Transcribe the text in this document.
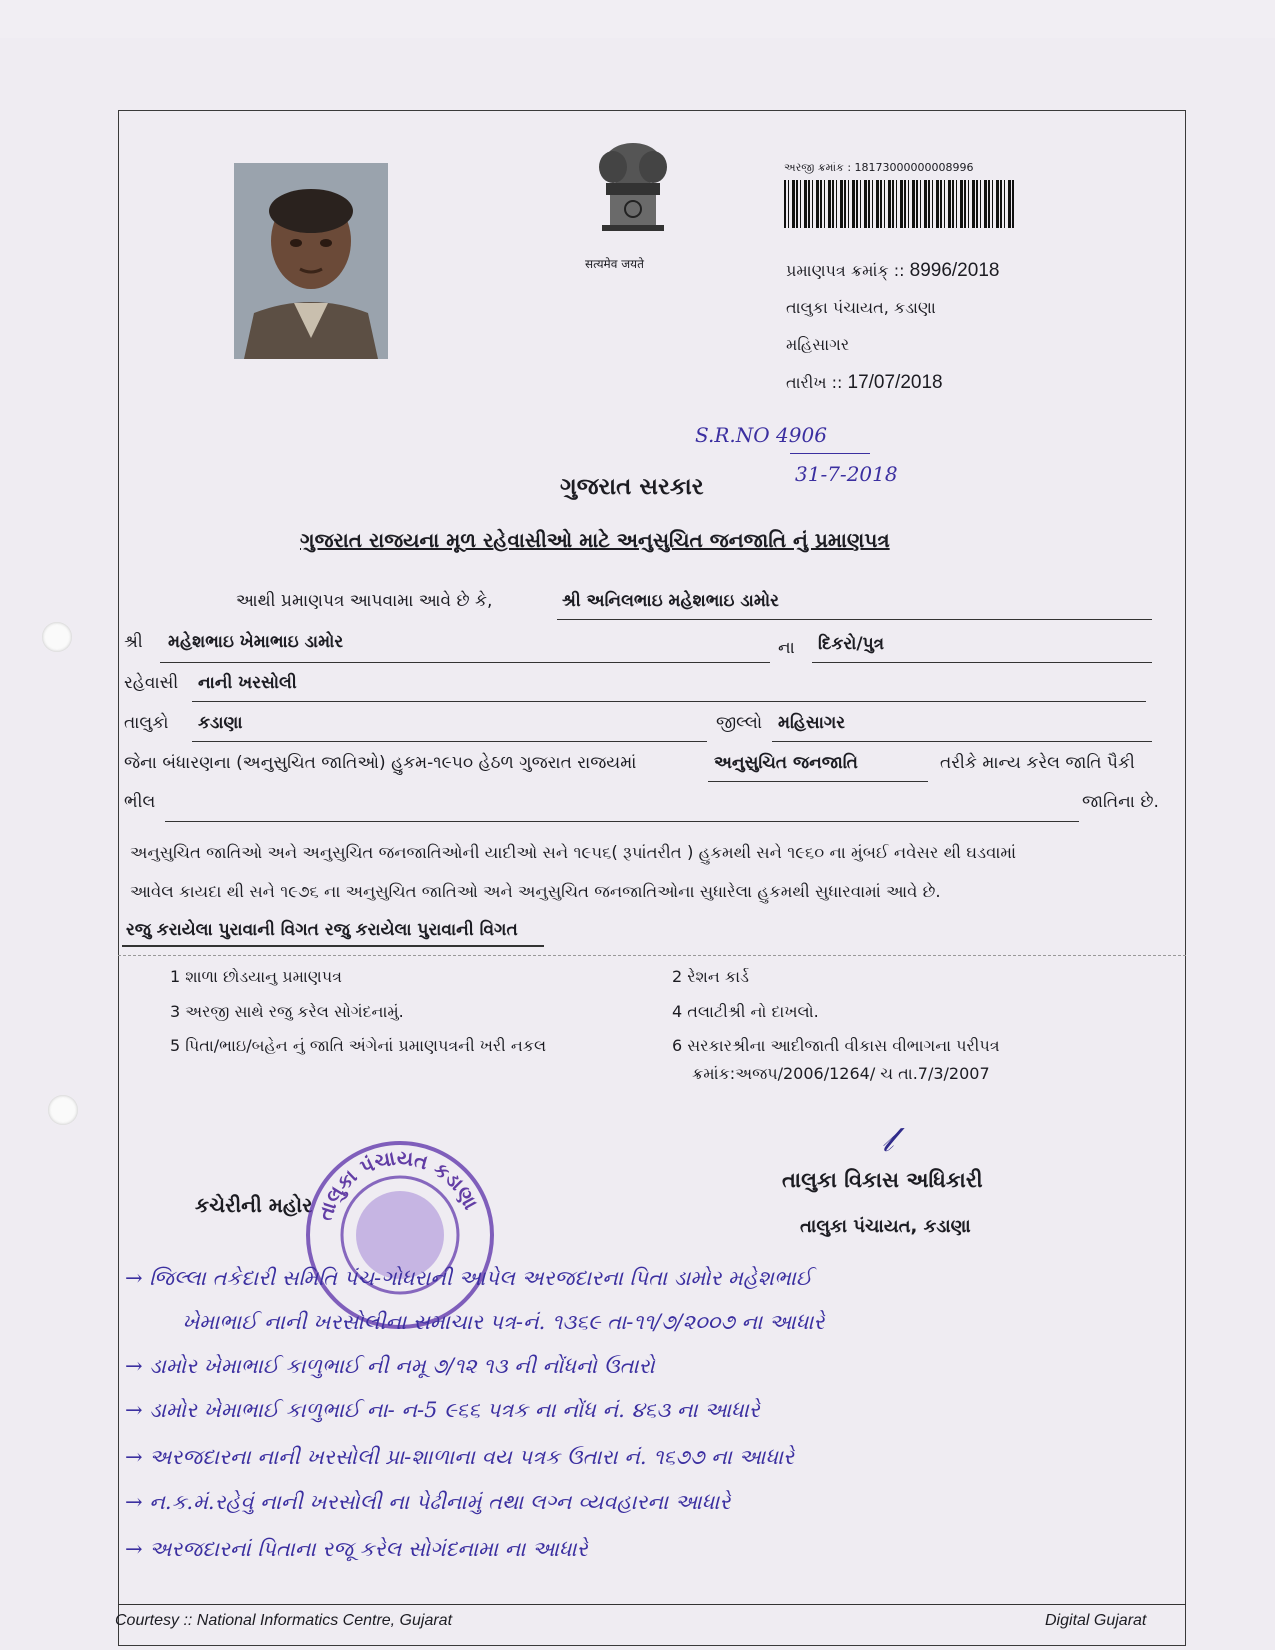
सत्यमेव जयते
અરજી ક્રમાંક : 18173000000008996
પ્રમાણપત્ર ક્રમાંક્ :: 8996/2018
તાલુકા પંચાયત, કડાણા
મહિસાગર
તારીખ :: 17/07/2018
S.R.NO 4906
31-7-2018
ગુજરાત સરકાર
ગુજરાત રાજયના મૂળ રહેવાસીઓ માટે અનુસુચિત જનજાતિ નું પ્રમાણપત્ર
આથી પ્રમાણપત્ર આપવામા આવે છે કે,	શ્રી અનિલભાઇ મહેશભાઇ ડામોર
શ્રી મહેશભાઇ ખેમાભાઇ ડામોર	ના દિકરો/પુત્ર
રહેવાસી નાની ખરસોલી
તાલુકો કડાણા	જીલ્લો મહિસાગર
જેના બંધારણના (અનુસુચિત જાતિઓ) હુકમ-૧૯૫૦ હેઠળ ગુજરાત રાજયમાં	અનુસુચિત જનજાતિ	તરીકે માન્ય કરેલ જાતિ પૈકી
ભીલ	જાતિના છે.
અનુસુચિત જાતિઓ અને અનુસુચિત જનજાતિઓની યાદીઓ સને ૧૯૫૬( રૂપાંતરીત ) હુકમથી સને ૧૯૬૦ ના મુંબઈ નવેસર થી ઘડવામાં
આવેલ કાયદા થી સને ૧૯૭૬ ના અનુસુચિત જાતિઓ અને અનુસુચિત જનજાતિઓના સુધારેલા હુકમથી સુધારવામાં આવે છે.
રજુ કરાયેલા પુરાવાની વિગત રજુ કરાયેલા પુરાવાની વિગત
1 શાળા છોડયાનુ પ્રમાણપત્ર	2 રેશન કાર્ડ
3 અરજી સાથે રજુ કરેલ સોગંદનામું.	4 તલાટીશ્રી નો દાખલો.
5 પિતા/ભાઇ/બહેન નું જાતિ અંગેનાં પ્રમાણપત્રની ખરી નકલ	6 સરકારશ્રીના આદીજાતી વીકાસ વીભાગના પરીપત્ર
ક્રમાંક:અજપ/2006/1264/ ચ તા.7/3/2007
કચેરીની મહોર તાલુકા પંચાયત કડાણા
𝓁
તાલુકા વિકાસ અધિકારી
તાલુકા પંચાયત, કડાણા
→ જિલ્લા તકેદારી સમિતિ પંચ-ગોધરાની આપેલ અરજદારના પિતા ડામોર મહેશભાઈ
ખેમાભાઈ નાની ખરસોલીના સમાચાર પત્ર-નં. ૧૩૬૯ તા-૧૧/૭/૨૦૦૭ ના આધારે
→ ડામોર ખેમાભાઈ કાળુભાઈ ની નમૂ ૭/૧૨ ૧૩ ની નોંધનો ઉતારો
→ ડામોર ખેમાભાઈ કાળુભાઈ ના- ન-5 ૯૬૬ પત્રક ના નોંધ નં. ૪૬૩ ના આધારે
→ અરજદારના નાની ખરસોલી પ્રા-શાળાના વય પત્રક ઉતારા નં. ૧૬૭૭ ના આધારે
→ ન.ક.મં.રહેવું નાની ખરસોલી ના પેઢીનામું તથા લગ્ન વ્યવહારના આધારે
→ અરજદારનાં પિતાના રજૂ કરેલ સોગંદનામા ના આધારે
Courtesy :: National Informatics Centre, Gujarat	Digital Gujarat
